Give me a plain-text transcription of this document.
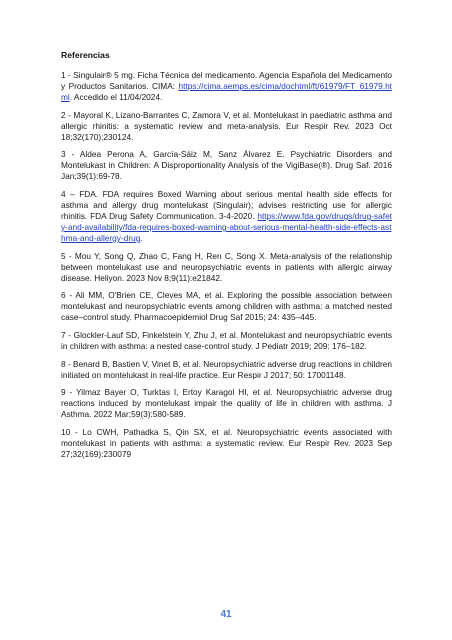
Referencias
1 - Singulair® 5 mg. Ficha Técnica del medicamento. Agencia Española del Medicamento y Productos Sanitarios. CIMA: https://cima.aemps.es/cima/dochtml/ft/61979/FT_61979.html. Accedido el 11/04/2024.
2 - Mayoral K, Lizano-Barrantes C, Zamora V, et al. Montelukast in paediatric asthma and allergic rhinitis: a systematic review and meta-analysis. Eur Respir Rev. 2023 Oct 18;32(170):230124.
3 - Aldea Perona A, García-Sáiz M, Sanz Álvarez E. Psychiatric Disorders and Montelukast in Children: A Disproportionality Analysis of the VigiBase(®). Drug Saf. 2016 Jan;39(1):69-78.
4 – FDA. FDA requires Boxed Warning about serious mental health side effects for asthma and allergy drug montelukast (Singulair); advises restricting use for allergic rhinitis. FDA Drug Safety Communication. 3-4-2020. https://www.fda.gov/drugs/drug-safety-and-availability/fda-requires-boxed-warning-about-serious-mental-health-side-effects-asthma-and-allergy-drug.
5 - Mou Y, Song Q, Zhao C, Fang H, Ren C, Song X. Meta-analysis of the relationship between montelukast use and neuropsychiatric events in patients with allergic airway disease. Heliyon. 2023 Nov 8;9(11):e21842.
6 - Ali MM, O'Brien CE, Cleves MA, et al. Exploring the possible association between montelukast and neuropsychiatric events among children with asthma: a matched nested case–control study. Pharmacoepidemiol Drug Saf 2015; 24: 435–445.
7 - Glockler-Lauf SD, Finkelstein Y, Zhu J, et al. Montelukast and neuropsychiatric events in children with asthma: a nested case-control study. J Pediatr 2019; 209: 176–182.
8 - Benard B, Bastien V, Vinet B, et al. Neuropsychiatric adverse drug reactions in children initiated on montelukast in real-life practice. Eur Respir J 2017; 50: 17001148.
9 - Yilmaz Bayer O, Turktas I, Ertoy Karagol HI, et al. Neuropsychiatric adverse drug reactions induced by montelukast impair the quality of life in children with asthma. J Asthma. 2022 Mar;59(3):580-589.
10 - Lo CWH, Pathadka S, Qin SX, et al. Neuropsychiatric events associated with montelukast in patients with asthma: a systematic review. Eur Respir Rev. 2023 Sep 27;32(169):230079
41
